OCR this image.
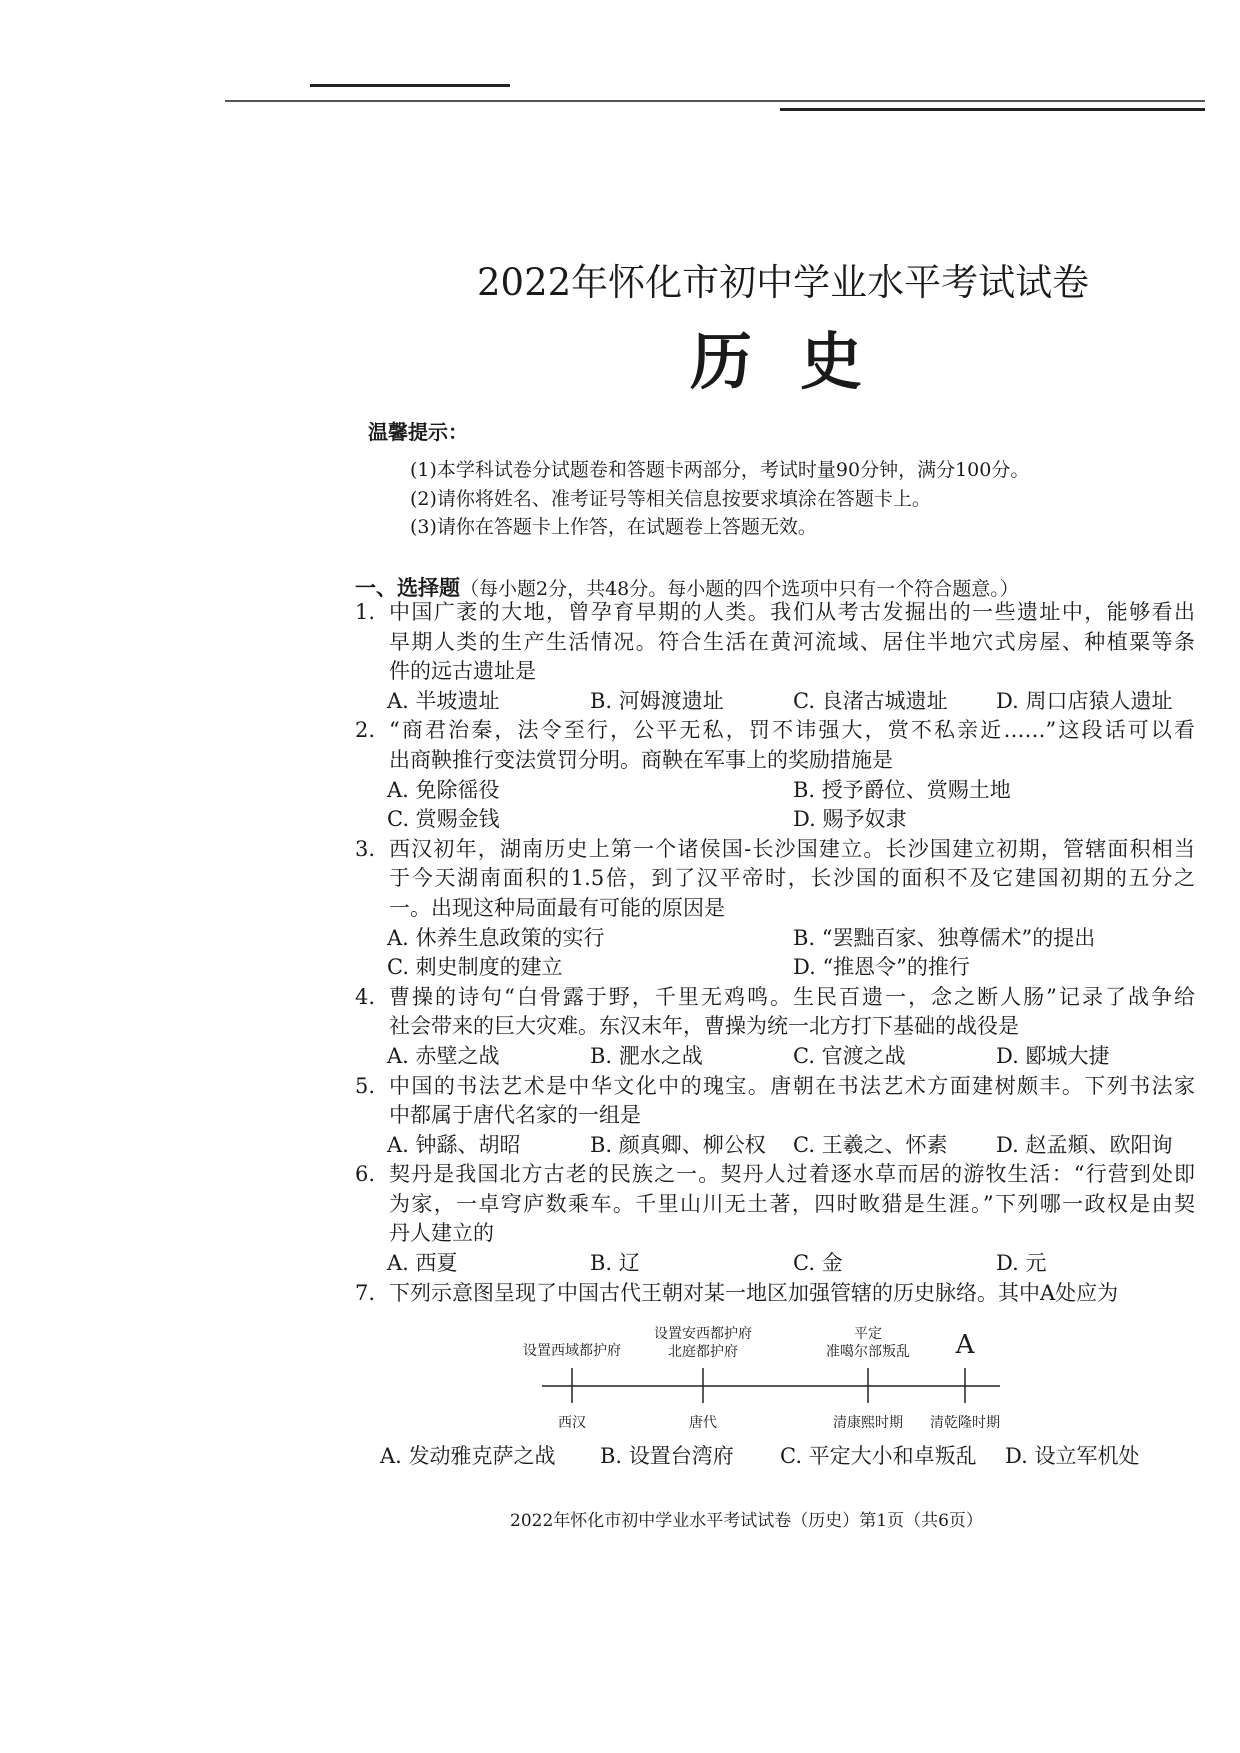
2022年怀化市初中学业水平考试试卷
历史
温馨提示：
(1)本学科试卷分试题卷和答题卡两部分，考试时量90分钟，满分100分。
(2)请你将姓名、准考证号等相关信息按要求填涂在答题卡上。
(3)请你在答题卡上作答，在试题卷上答题无效。
一、选择题（每小题2分，共48分。每小题的四个选项中只有一个符合题意。）
1. 中国广袤的大地，曾孕育早期的人类。我们从考古发掘出的一些遗址中，能够看出
早期人类的生产生活情况。符合生活在黄河流域、居住半地穴式房屋、种植粟等条
件的远古遗址是
A. 半坡遗址	B. 河姆渡遗址	C. 良渚古城遗址	D. 周口店猿人遗址
2. “商君治秦，法令至行，公平无私，罚不讳强大，赏不私亲近……”这段话可以看
出商鞅推行变法赏罚分明。商鞅在军事上的奖励措施是
A. 免除徭役	B. 授予爵位、赏赐土地
C. 赏赐金钱	D. 赐予奴隶
3. 西汉初年，湖南历史上第一个诸侯国-长沙国建立。长沙国建立初期，管辖面积相当
于今天湖南面积的1.5倍，到了汉平帝时，长沙国的面积不及它建国初期的五分之
一。出现这种局面最有可能的原因是
A. 休养生息政策的实行	B. “罢黜百家、独尊儒术”的提出
C. 刺史制度的建立	D. “推恩令”的推行
4. 曹操的诗句“白骨露于野，千里无鸡鸣。生民百遗一，念之断人肠”记录了战争给
社会带来的巨大灾难。东汉末年，曹操为统一北方打下基础的战役是
A. 赤壁之战	B. 淝水之战	C. 官渡之战	D. 郾城大捷
5. 中国的书法艺术是中华文化中的瑰宝。唐朝在书法艺术方面建树颇丰。下列书法家
中都属于唐代名家的一组是
A. 钟繇、胡昭	B. 颜真卿、柳公权	C. 王羲之、怀素	D. 赵孟頫、欧阳询
6. 契丹是我国北方古老的民族之一。契丹人过着逐水草而居的游牧生活：“行营到处即
为家，一卓穹庐数乘车。千里山川无土著，四时畋猎是生涯。”下列哪一政权是由契
丹人建立的
A. 西夏	B. 辽	C. 金	D. 元
7. 下列示意图呈现了中国古代王朝对某一地区加强管辖的历史脉络。其中A处应为
设置西域都护府
西汉
设置安西都护府
北庭都护府
唐代
平定
准噶尔部叛乱
清康熙时期
A
清乾隆时期
A. 发动雅克萨之战 B. 设置台湾府 C. 平定大小和卓叛乱 D. 设立军机处
2022年怀化市初中学业水平考试试卷（历史）第1页（共6页）
